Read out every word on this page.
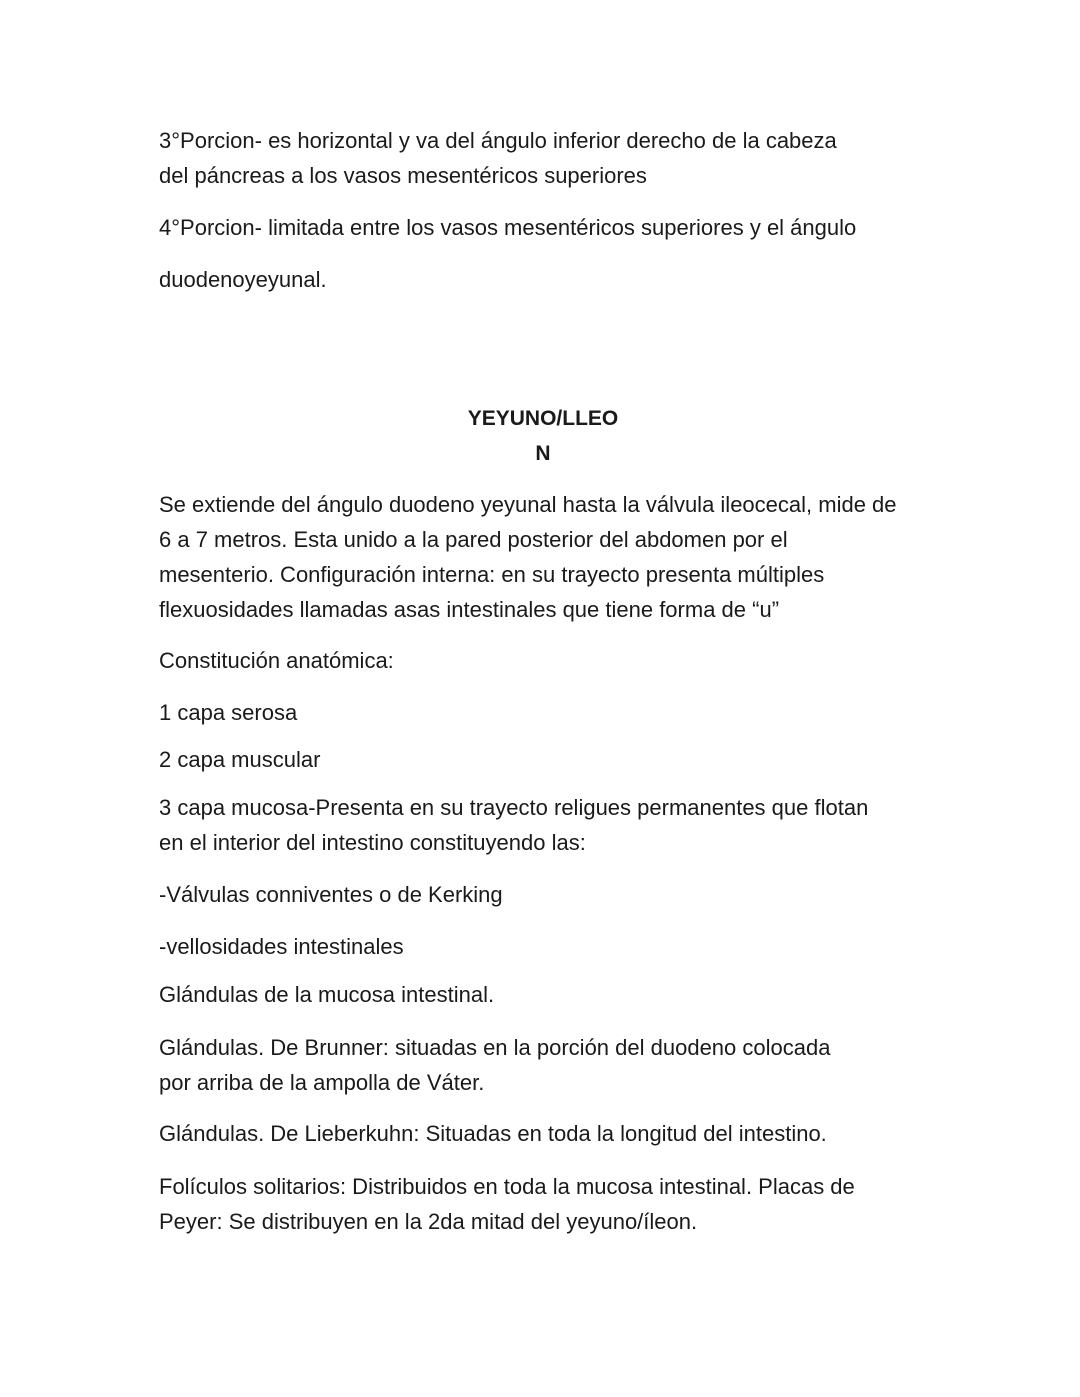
3°Porcion- es horizontal y va del ángulo inferior derecho de la cabeza
del páncreas a los vasos mesentéricos superiores

4°Porcion- limitada entre los vasos mesentéricos superiores y el ángulo

duodenoyeyunal.

YEYUNO/LLEO
N

Se extiende del ángulo duodeno yeyunal hasta la válvula ileocecal, mide de
6 a 7 metros. Esta unido a la pared posterior del abdomen por el
mesenterio. Configuración interna: en su trayecto presenta múltiples
flexuosidades llamadas asas intestinales que tiene forma de “u”

Constitución anatómica:

1 capa serosa

2 capa muscular

3 capa mucosa-Presenta en su trayecto religues permanentes que flotan
en el interior del intestino constituyendo las:

-Válvulas conniventes o de Kerking

-vellosidades intestinales

Glándulas de la mucosa intestinal.

Glándulas. De Brunner: situadas en la porción del duodeno colocada
por arriba de la ampolla de Váter.

Glándulas. De Lieberkuhn: Situadas en toda la longitud del intestino.

Folículos solitarios: Distribuidos en toda la mucosa intestinal. Placas de
Peyer: Se distribuyen en la 2da mitad del yeyuno/íleon.
